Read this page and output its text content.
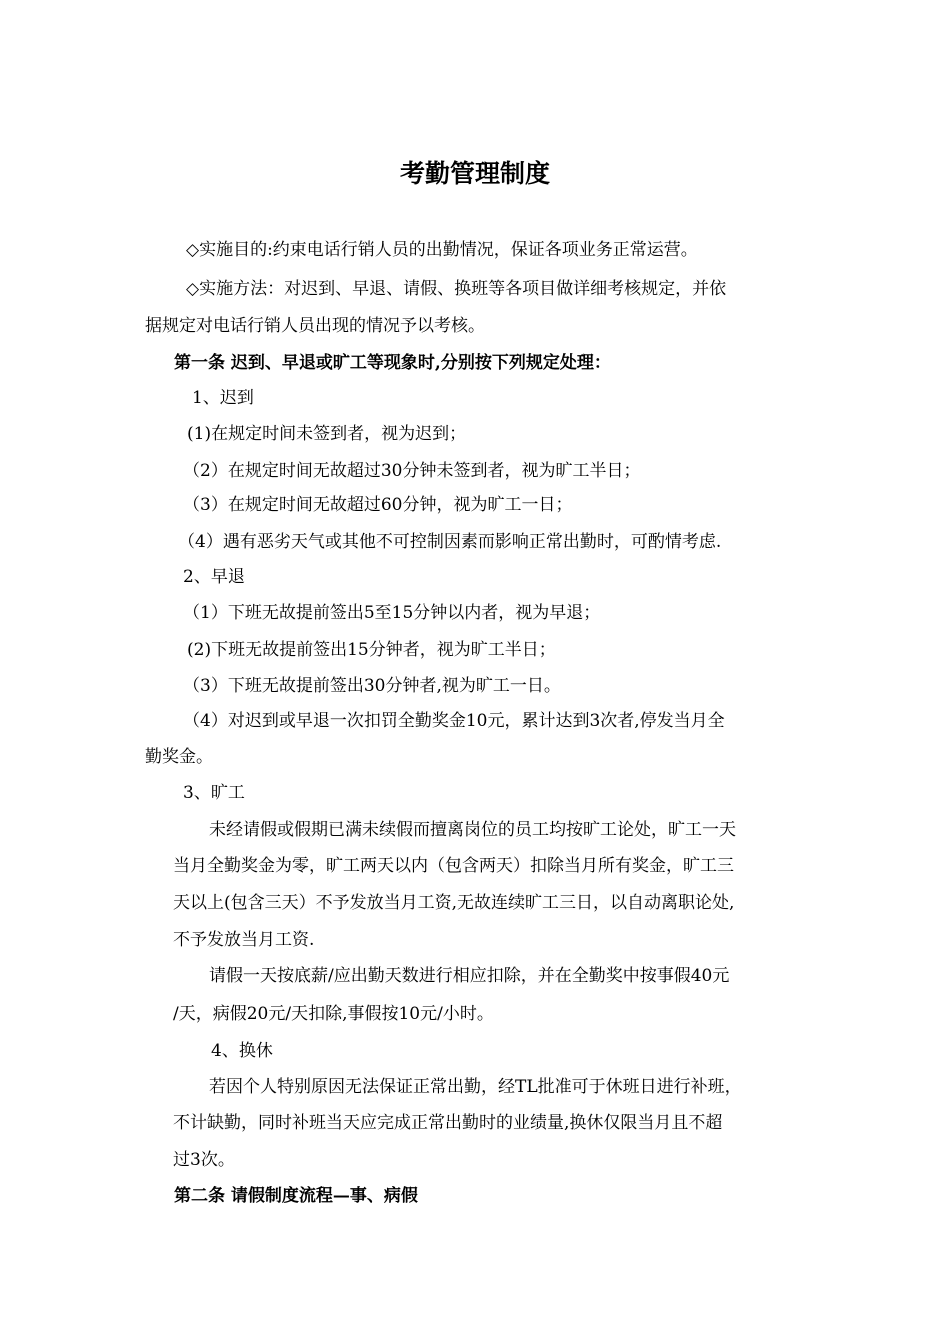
考勤管理制度

◇实施目的:约束电话行销人员的出勤情况，保证各项业务正常运营。

◇实施方法：对迟到、早退、请假、换班等各项目做详细考核规定，并依

据规定对电话行销人员出现的情况予以考核。

第一条 迟到、早退或旷工等现象时,分别按下列规定处理：

1、迟到

(1)在规定时间未签到者，视为迟到；

（2）在规定时间无故超过30分钟未签到者，视为旷工半日；

（3）在规定时间无故超过60分钟，视为旷工一日；

（4）遇有恶劣天气或其他不可控制因素而影响正常出勤时，可酌情考虑.

2、早退

（1）下班无故提前签出5至15分钟以内者，视为早退；

(2)下班无故提前签出15分钟者，视为旷工半日；

（3）下班无故提前签出30分钟者,视为旷工一日。

（4）对迟到或早退一次扣罚全勤奖金10元，累计达到3次者,停发当月全

勤奖金。

3、旷工

未经请假或假期已满未续假而擅离岗位的员工均按旷工论处，旷工一天

当月全勤奖金为零，旷工两天以内（包含两天）扣除当月所有奖金，旷工三

天以上(包含三天）不予发放当月工资,无故连续旷工三日，以自动离职论处,

不予发放当月工资.

请假一天按底薪/应出勤天数进行相应扣除，并在全勤奖中按事假40元

/天，病假20元/天扣除,事假按10元/小时。

4、换休

若因个人特别原因无法保证正常出勤，经TL批准可于休班日进行补班，

不计缺勤，同时补班当天应完成正常出勤时的业绩量,换休仅限当月且不超

过3次。

第二条 请假制度流程—事、病假
